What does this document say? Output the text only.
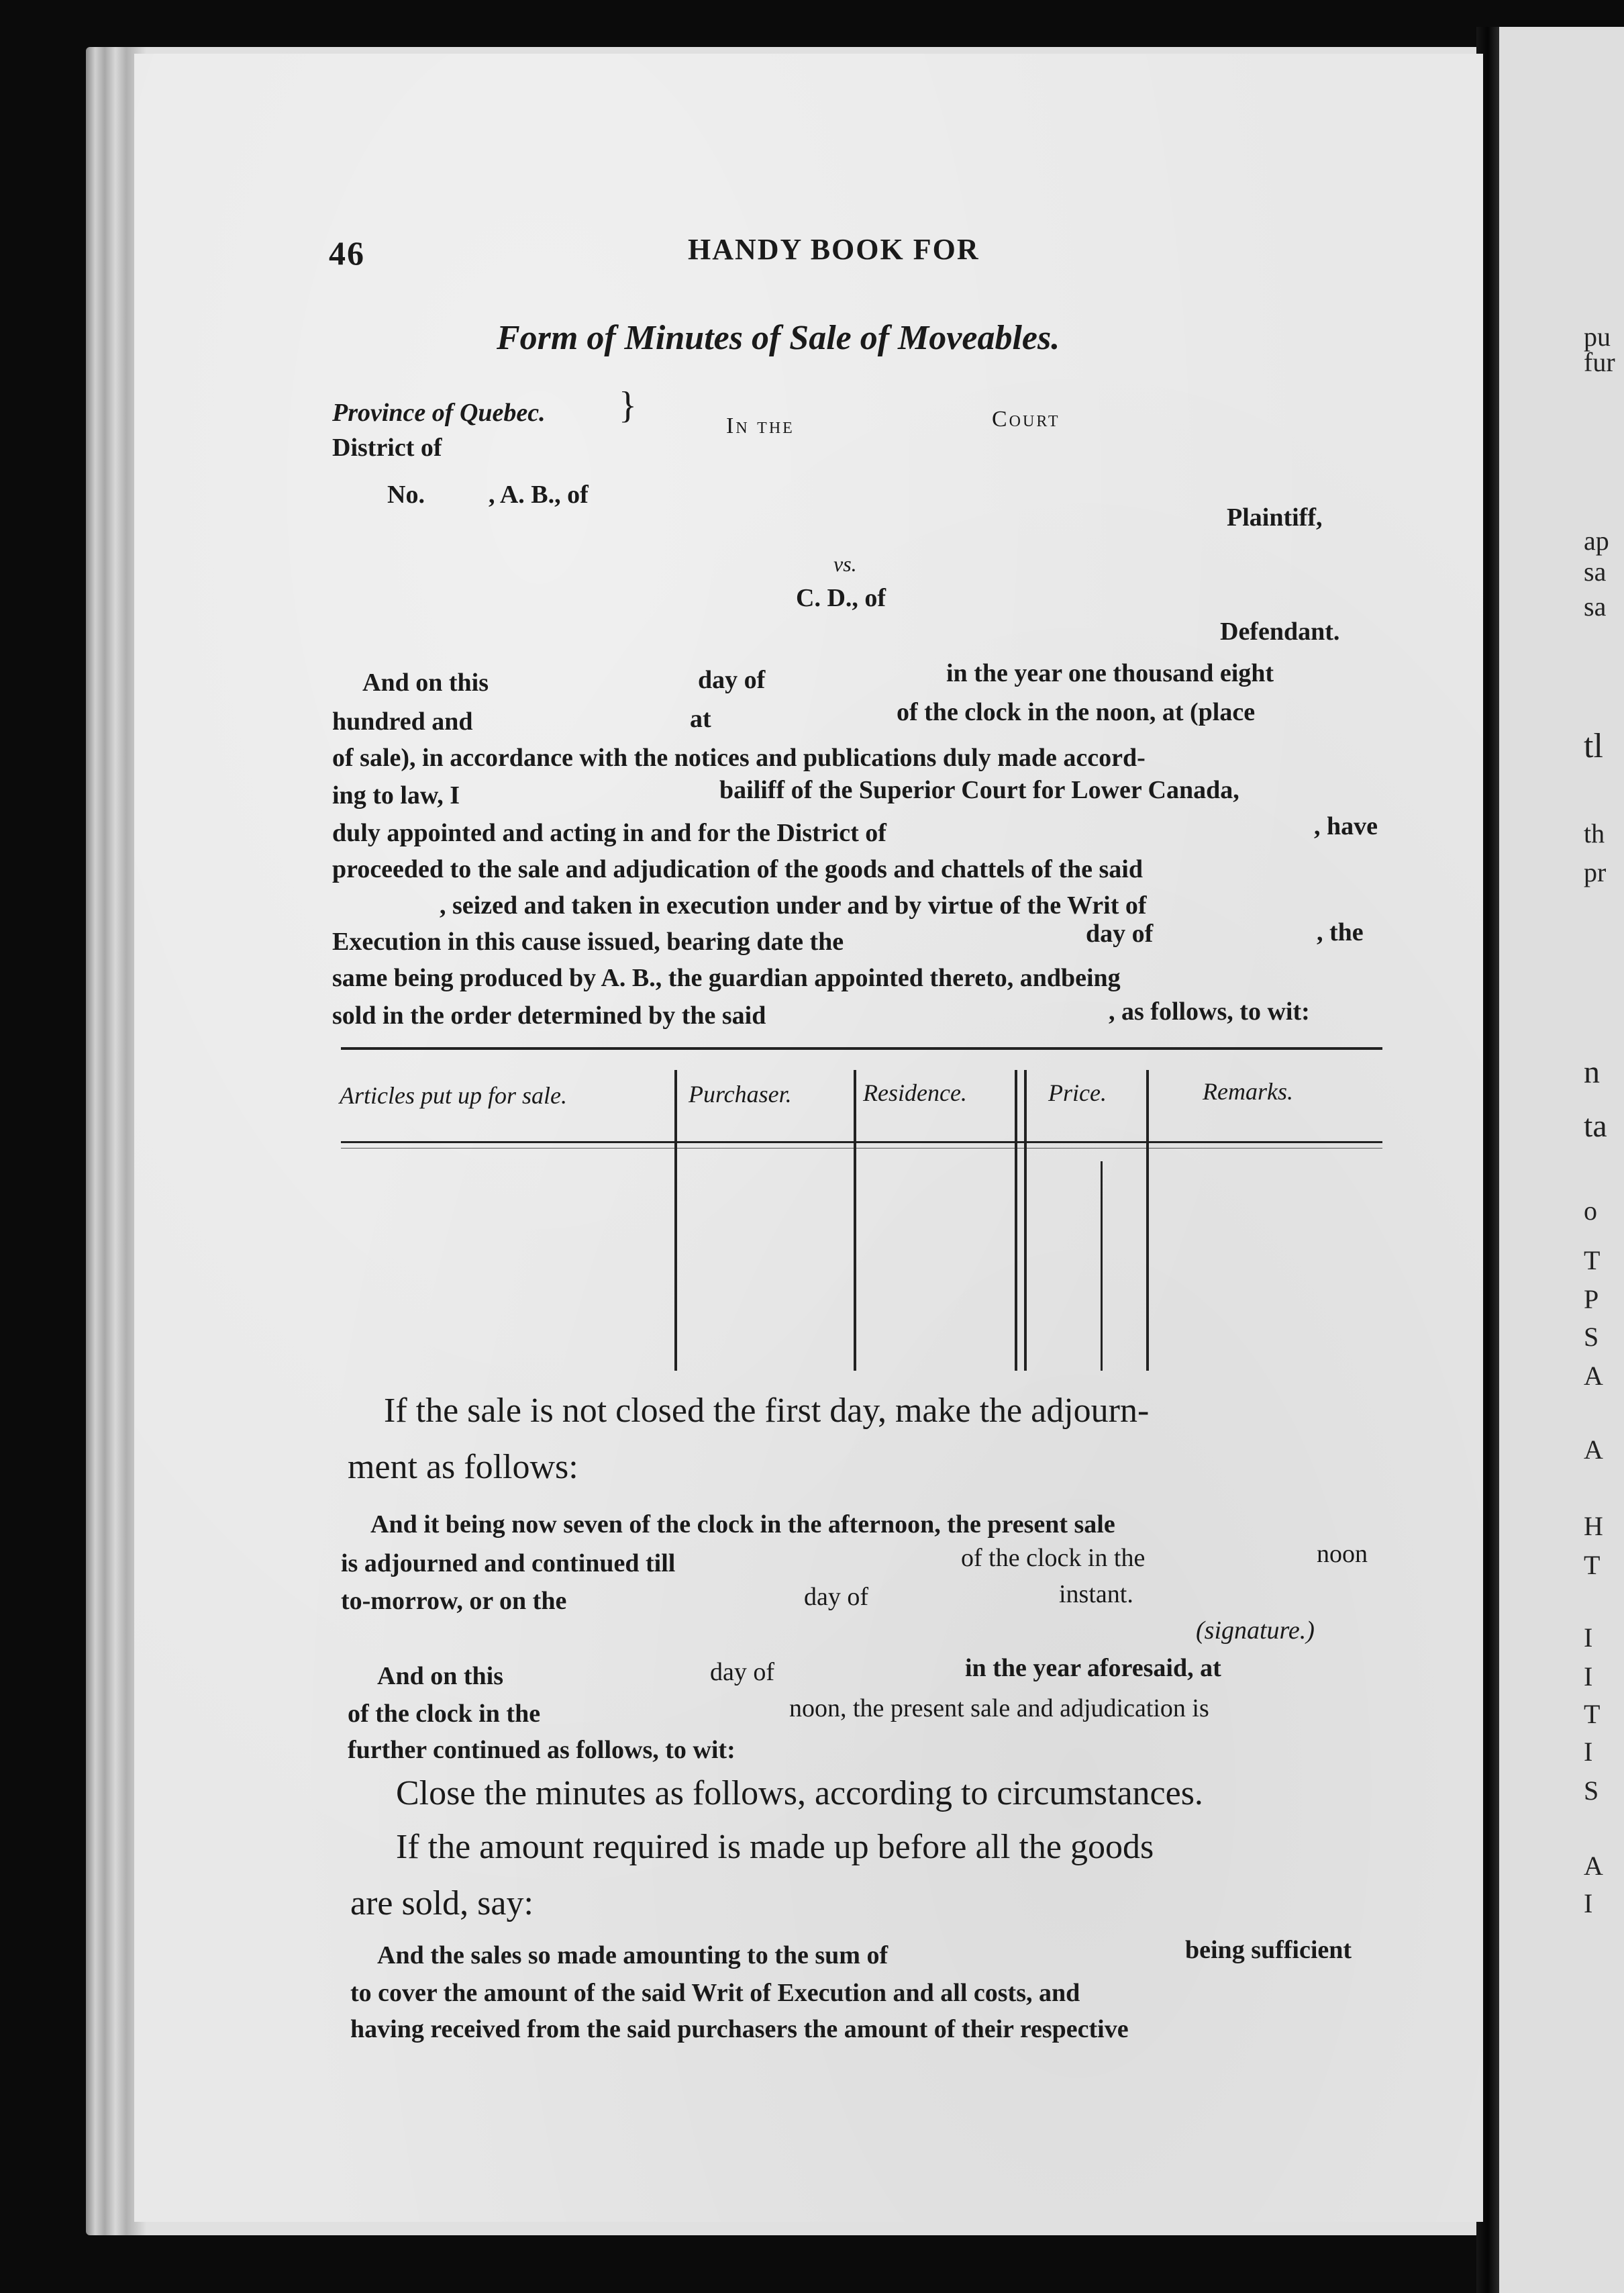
46	HANDY BOOK FOR
Form of Minutes of Sale of Moveables.
Province of Quebec.
District of
}	In the	Court
No.          , A. B., of
Plaintiff,
vs.
C. D., of
Defendant.
And on this	day of	in the year one thousand eight
hundred and	at	of the clock in the noon, at (place
of sale), in accordance with the notices and publications duly made accord-
ing to law, I	bailiff of the Superior Court for Lower Canada,
duly appointed and acting in and for the District of	, have
proceeded to the sale and adjudication of the goods and chattels of the said
, seized and taken in execution under and by virtue of the Writ of
Execution in this cause issued, bearing date the	day of	, the
same being produced by A. B., the guardian appointed thereto, andbeing
sold in the order determined by the said	, as follows, to wit:
Articles put up for sale.	Purchaser.	Residence.	Price.	Remarks.
If the sale is not closed the first day, make the adjourn-
ment as follows:
And it being now seven of the clock in the afternoon, the present sale
is adjourned and continued till	of the clock in the	noon
to-morrow, or on the	day of	instant.
(signature.)
And on this	day of	in the year aforesaid, at
of the clock in the	noon, the present sale and adjudication is
further continued as follows, to wit:
Close the minutes as follows, according to circumstances.
If the amount required is made up before all the goods
are sold, say:
And the sales so made amounting to the sum of	being sufficient
to cover the amount of the said Writ of Execution and all costs, and
having received from the said purchasers the amount of their respective
pu
fur
ap
sa
sa
tl
th
pr
n
ta
o
T
P
S
A
A
H
T
I
I
T
I
S
A
I
